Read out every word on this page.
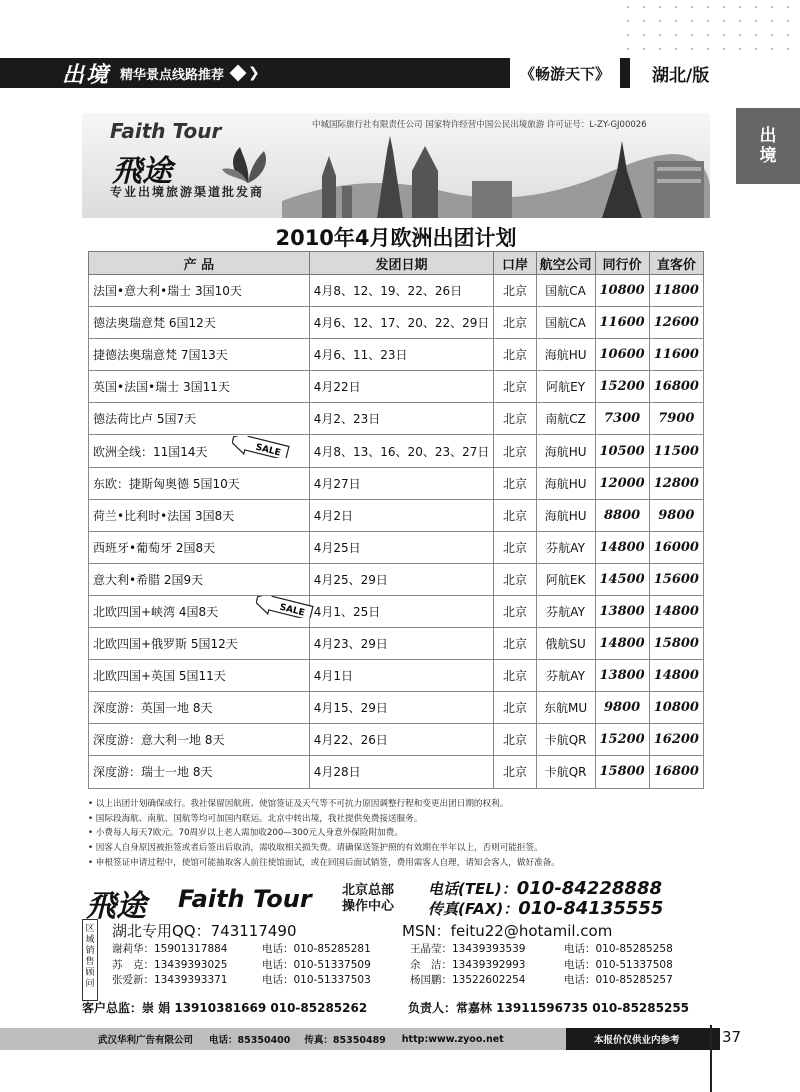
出境 精华景点线路推荐 ❯	《畅游天下》	湖北/版
出
境
Faith Tour
飛途
专业出境旅游渠道批发商
中城国际旅行社有限责任公司 国家特许经营中国公民出境旅游 许可证号：L-ZY-GJ00026
2010年4月欧洲出团计划
产 品	发团日期	口岸	航空公司	同行价	直客价
法国•意大利•瑞士 3国10天	4月8、12、19、22、26日	北京	国航CA	10800	11800
德法奥瑞意梵 6国12天	4月6、12、17、20、22、29日	北京	国航CA	11600	12600
捷德法奥瑞意梵 7国13天	4月6、11、23日	北京	海航HU	10600	11600
英国•法国•瑞士 3国11天	4月22日	北京	阿航EY	15200	16800
德法荷比卢 5国7天	4月2、23日	北京	南航CZ	7300	7900
欧洲全线：11国14天	4月8、13、16、20、23、27日	北京	海航HU	10500	11500
东欧：捷斯匈奥德 5国10天	4月27日	北京	海航HU	12000	12800
荷兰•比利时•法国 3国8天	4月2日	北京	海航HU	8800	9800
西班牙•葡萄牙 2国8天	4月25日	北京	芬航AY	14800	16000
意大利•希腊 2国9天	4月25、29日	北京	阿航EK	14500	15600
北欧四国+峡湾 4国8天	4月1、25日	北京	芬航AY	13800	14800
北欧四国+俄罗斯 5国12天	4月23、29日	北京	俄航SU	14800	15800
北欧四国+英国 5国11天	4月1日	北京	芬航AY	13800	14800
深度游：英国一地 8天	4月15、29日	北京	东航MU	9800	10800
深度游：意大利一地 8天	4月22、26日	北京	卡航QR	15200	16200
深度游：瑞士一地 8天	4月28日	北京	卡航QR	15800	16800
SALE
SALE
• 以上出团计划确保成行。我社保留因航班、使馆签证及天气等不可抗力原因调整行程和变更出团日期的权利。
• 国际段海航、南航、国航等均可加国内联运。北京中转出境，我社提供免费接送服务。
• 小费每人每天7欧元。70周岁以上老人需加收200—300元人身意外保险附加费。
• 因客人自身原因被拒签或者后签出后取消，需收取相关损失费。请确保送签护照的有效期在半年以上，否则可能拒签。
• 申根签证申请过程中，使馆可能抽取客人前往使馆面试，或在回国后面试销签，费用需客人自理，请知会客人，做好准备。
飛途 Faith Tour 北京总部
操作中心
电话(TEL)：010-84228888
传真(FAX)：010-84135555
区域销售顾问
湖北专用QQ：743117490	MSN：feitu22@hotamil.com
谢莉华：15901317884
苏　克：13439393025
张爱新：13439393371
电话：010-85285281
电话：010-51337509
电话：010-51337503
王晶莹：13439393539
余　洁：13439392993
杨国鹏：13522602254
电话：010-85285258
电话：010-51337508
电话：010-85285257
客户总监：崇 娟 13910381669 010-85285262	负责人：常嘉林 13911596735 010-85285255
武汉华利广告有限公司 电话：85350400 传真：85350489 http:www.zyoo.net	本报价仅供业内参考	37
